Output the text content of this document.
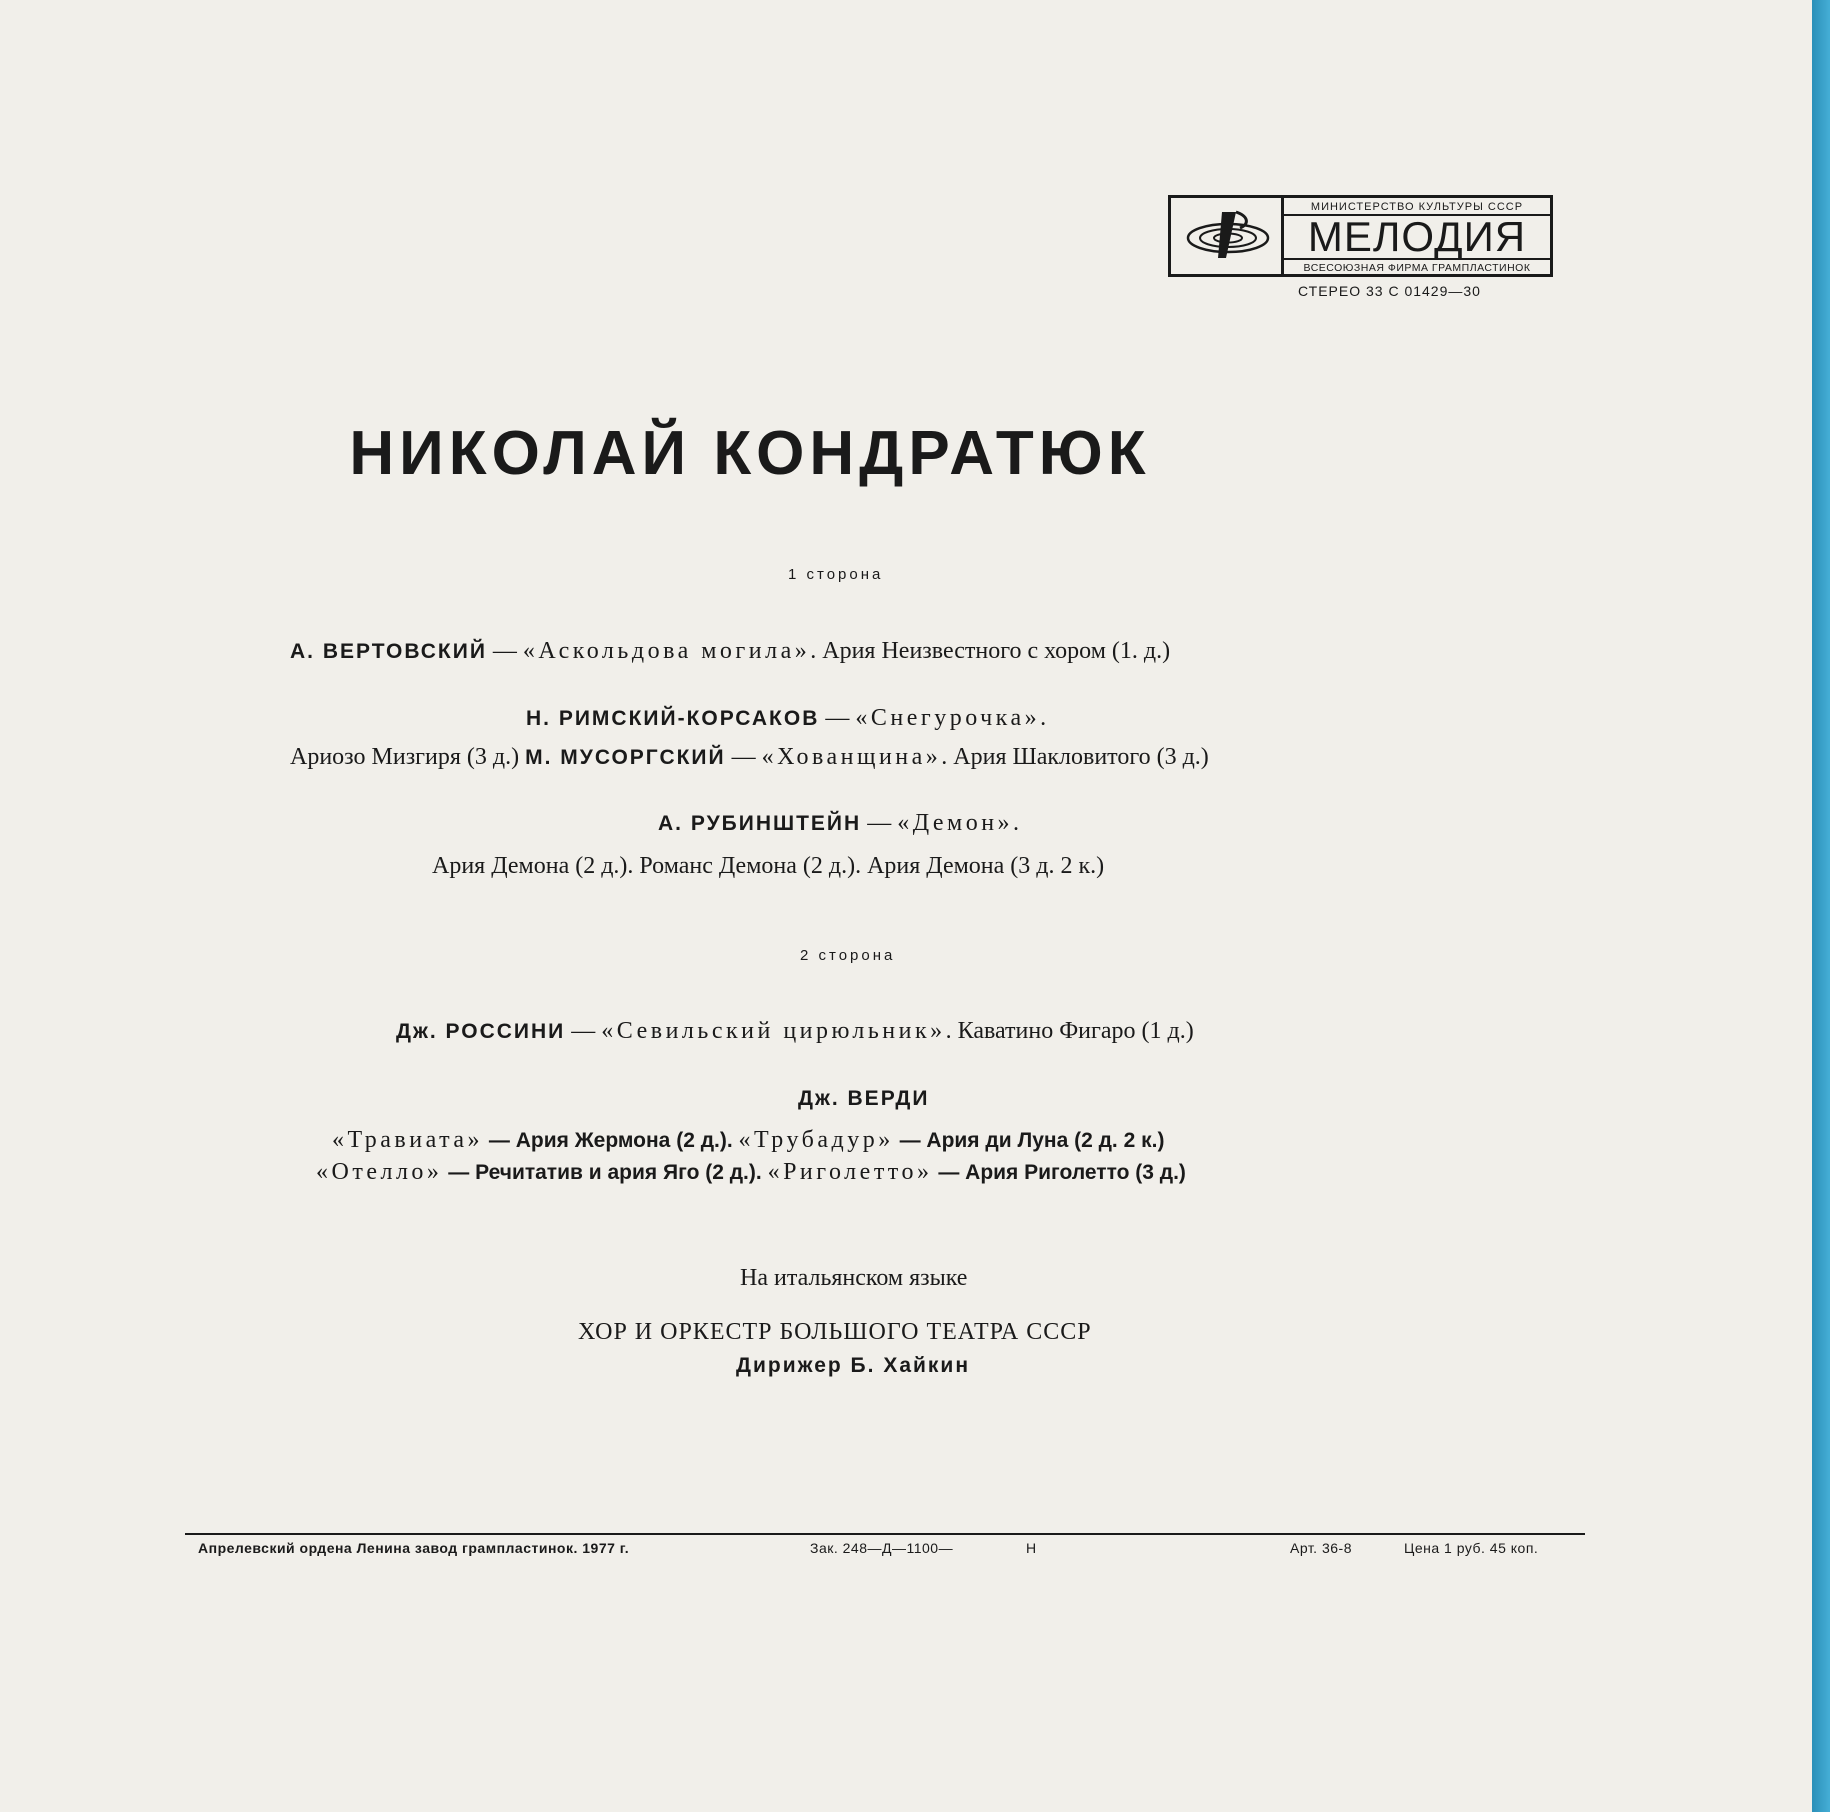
МИНИСТЕРСТВО КУЛЬТУРЫ СССР
МЕЛОДИЯ
ВСЕСОЮЗНАЯ ФИРМА ГРАМПЛАСТИНОК
СТЕРЕО 33 С 01429—30
НИКОЛАЙ КОНДРАТЮК
1 сторона
А. ВЕРТОВСКИЙ — «Аскольдова могила». Ария Неизвестного с хором (1. д.)
Н. РИМСКИЙ-КОРСАКОВ — «Снегурочка».
Ариозо Мизгиря (3 д.) М. МУСОРГСКИЙ — «Хованщина». Ария Шакловитого (3 д.)
А. РУБИНШТЕЙН — «Демон».
Ария Демона (2 д.). Романс Демона (2 д.). Ария Демона (3 д. 2 к.)
2 сторона
Дж. РОССИНИ — «Севильский цирюльник». Каватино Фигаро (1 д.)
Дж. ВЕРДИ
«Травиата» — Ария Жермона (2 д.). «Трубадур» — Ария ди Луна (2 д. 2 к.)
«Отелло» — Речитатив и ария Яго (2 д.). «Риголетто» — Ария Риголетто (3 д.)
На итальянском языке
ХОР И ОРКЕСТР БОЛЬШОГО ТЕАТРА СССР
Дирижер Б. Хайкин
Апрелевский ордена Ленина завод грампластинок. 1977 г.	Зак. 248—Д—1100—	Н	Арт. 36-8	Цена 1 руб. 45 коп.
